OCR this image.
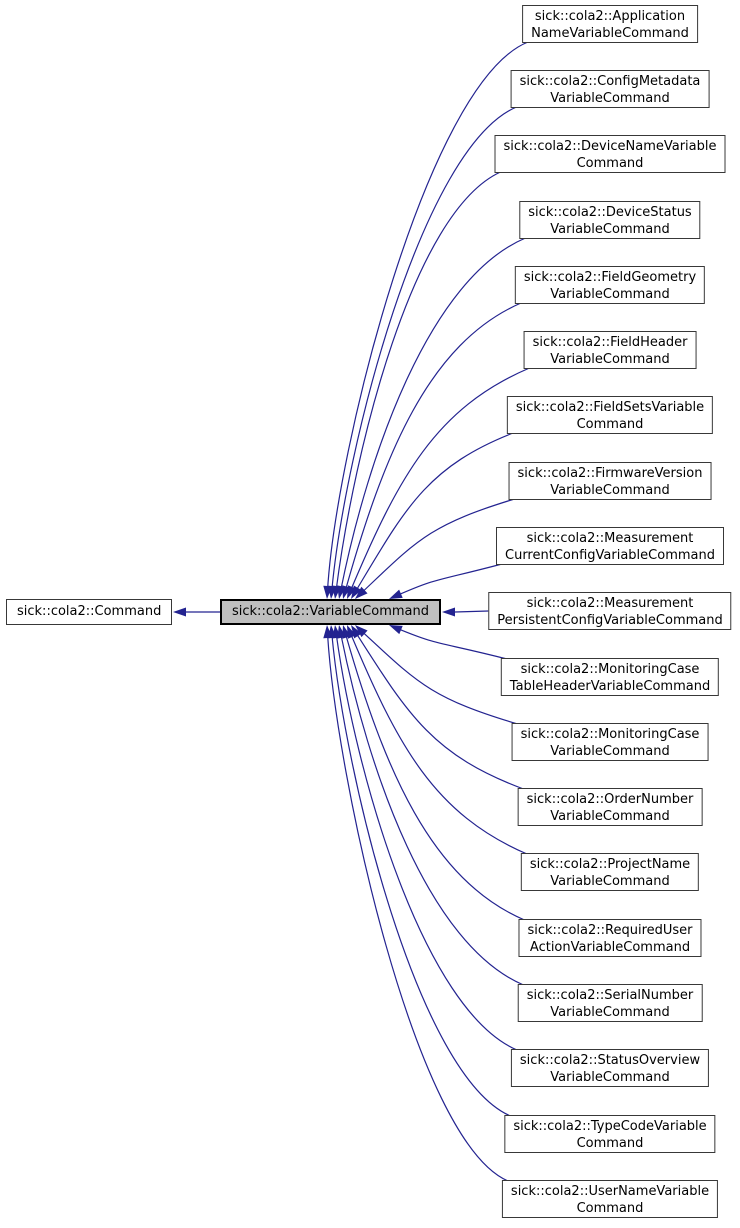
sick::cola2::Command	sick::cola2::VariableCommand
sick::cola2::Application
NameVariableCommand
sick::cola2::ConfigMetadata
VariableCommand
sick::cola2::DeviceNameVariable
Command
sick::cola2::DeviceStatus
VariableCommand
sick::cola2::FieldGeometry
VariableCommand
sick::cola2::FieldHeader
VariableCommand
sick::cola2::FieldSetsVariable
Command
sick::cola2::FirmwareVersion
VariableCommand
sick::cola2::Measurement
CurrentConfigVariableCommand
sick::cola2::Measurement
PersistentConfigVariableCommand
sick::cola2::MonitoringCase
TableHeaderVariableCommand
sick::cola2::MonitoringCase
VariableCommand
sick::cola2::OrderNumber
VariableCommand
sick::cola2::ProjectName
VariableCommand
sick::cola2::RequiredUser
ActionVariableCommand
sick::cola2::SerialNumber
VariableCommand
sick::cola2::StatusOverview
VariableCommand
sick::cola2::TypeCodeVariable
Command
sick::cola2::UserNameVariable
Command
